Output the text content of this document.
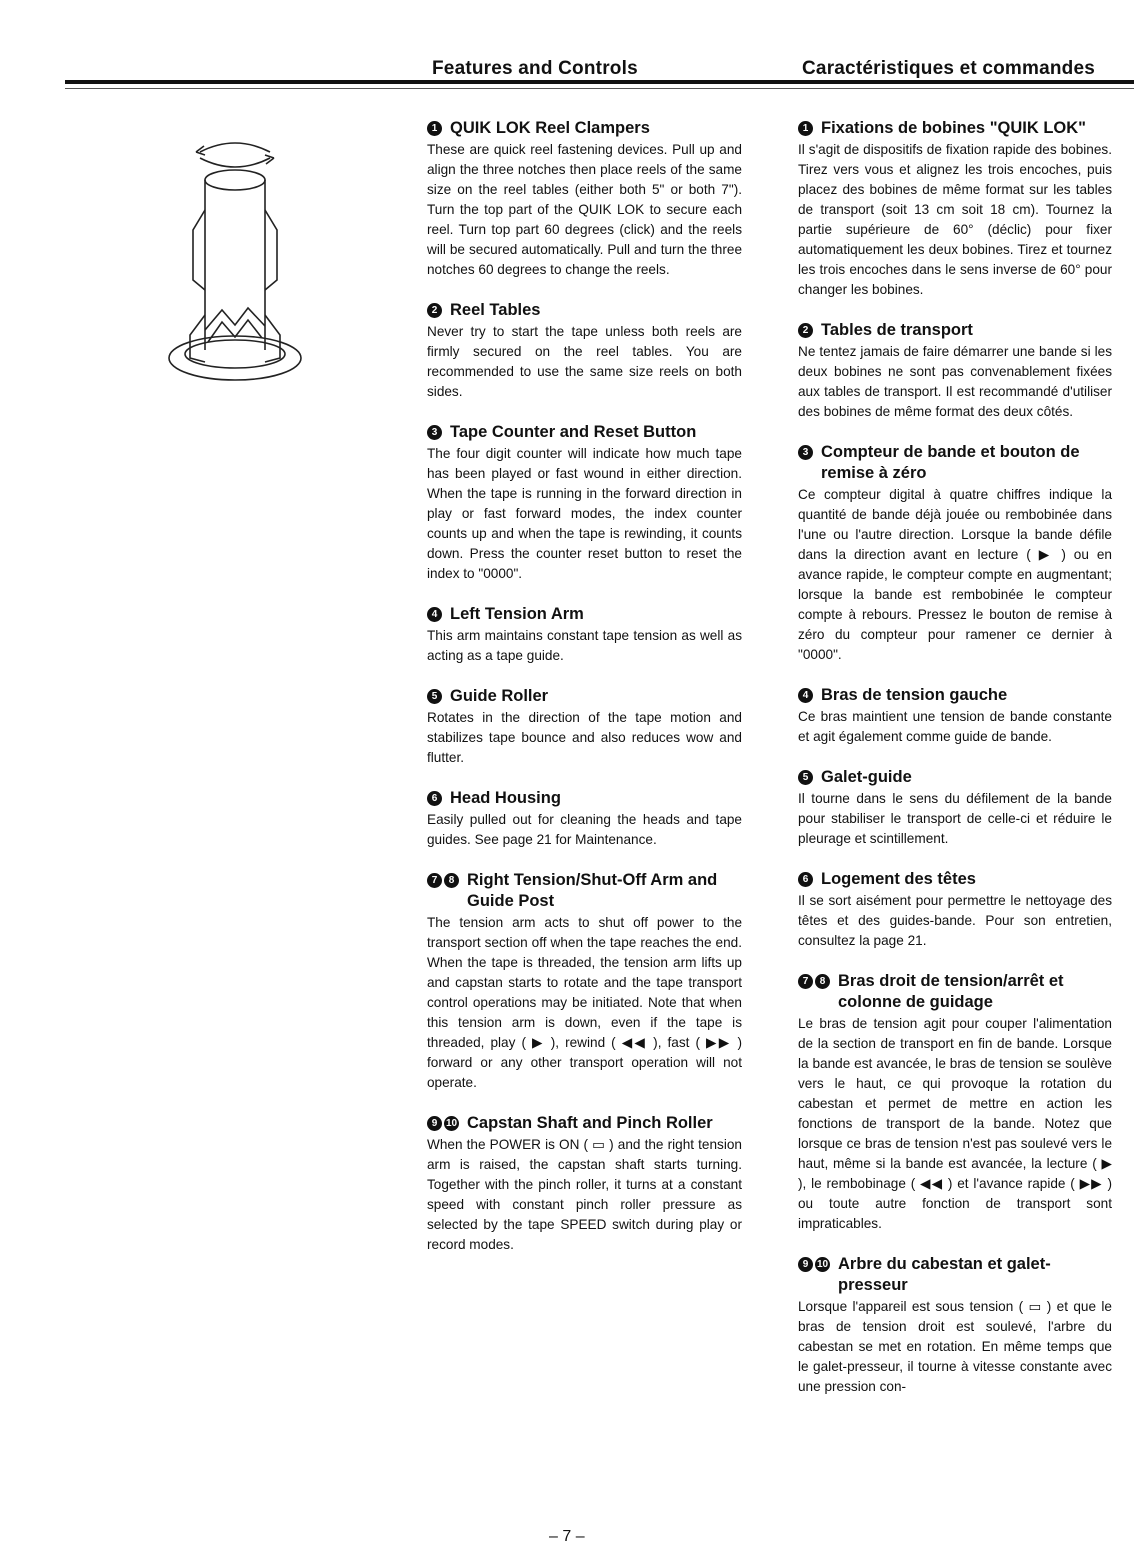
Features and Controls	Caractéristiques et commandes
1 QUIK LOK Reel Clampers

These are quick reel fastening devices. Pull up and align the three notches then place reels of the same size on the reel tables (either both 5" or both 7"). Turn the top part of the QUIK LOK to secure each reel. Turn top part 60 degrees (click) and the reels will be secured automatically. Pull and turn the three notches 60 degrees to change the reels.

2 Reel Tables

Never try to start the tape unless both reels are firmly secured on the reel tables. You are recommended to use the same size reels on both sides.

3 Tape Counter and Reset Button

The four digit counter will indicate how much tape has been played or fast wound in either direction. When the tape is running in the forward direction in play or fast forward modes, the index counter counts up and when the tape is rewinding, it counts down. Press the counter reset button to reset the index to "0000".

4 Left Tension Arm

This arm maintains constant tape tension as well as acting as a tape guide.

5 Guide Roller

Rotates in the direction of the tape motion and stabilizes tape bounce and also reduces wow and flutter.

6 Head Housing

Easily pulled out for cleaning the heads and tape guides. See page 21 for Maintenance.

7	8 Right Tension/Shut-Off Arm and Guide Post

The tension arm acts to shut off power to the transport section off when the tape reaches the end. When the tape is threaded, the tension arm lifts up and capstan starts to rotate and the tape transport control operations may be initiated. Note that when this tension arm is down, even if the tape is threaded, play ( ▶ ), rewind ( ◀◀ ), fast ( ▶▶ ) forward or any other transport operation will not operate.

9 10 Capstan Shaft and Pinch Roller

When the POWER is ON ( ▭ ) and the right tension arm is raised, the capstan shaft starts turning. Together with the pinch roller, it turns at a constant speed with constant pinch roller pressure as selected by the tape SPEED switch during play or record modes.

1 Fixations de bobines "QUIK LOK"

Il s'agit de dispositifs de fixation rapide des bobines. Tirez vers vous et alignez les trois encoches, puis placez des bobines de même format sur les tables de transport (soit 13 cm soit 18 cm). Tournez la partie supérieure de 60° (déclic) pour fixer automatiquement les deux bobines. Tirez et tournez les trois encoches dans le sens inverse de 60° pour changer les bobines.

2 Tables de transport

Ne tentez jamais de faire démarrer une bande si les deux bobines ne sont pas convenablement fixées aux tables de transport. Il est recommandé d'utiliser des bobines de même format des deux côtés.

3 Compteur de bande et bouton de remise à zéro

Ce compteur digital à quatre chiffres indique la quantité de bande déjà jouée ou rembobinée dans l'une ou l'autre direction. Lorsque la bande défile dans la direction avant en lecture ( ▶ ) ou en avance rapide, le compteur compte en augmentant; lorsque la bande est rembobinée le compteur compte à rebours. Pressez le bouton de remise à zéro du compteur pour ramener ce dernier à "0000".

4 Bras de tension gauche

Ce bras maintient une tension de bande constante et agit également comme guide de bande.

5 Galet-guide

Il tourne dans le sens du défilement de la bande pour stabiliser le transport de celle-ci et réduire le pleurage et scintillement.

6 Logement des têtes

Il se sort aisément pour permettre le nettoyage des têtes et des guides-bande. Pour son entretien, consultez la page 21.

7	8 Bras droit de tension/arrêt et colonne de guidage

Le bras de tension agit pour couper l'alimentation de la section de transport en fin de bande. Lorsque la bande est avancée, le bras de tension se soulève vers le haut, ce qui provoque la rotation du cabestan et permet de mettre en action les fonctions de transport de la bande. Notez que lorsque ce bras de tension n'est pas soulevé vers le haut, même si la bande est avancée, la lecture ( ▶ ), le rembobinage ( ◀◀ ) et l'avance rapide ( ▶▶ ) ou toute autre fonction de transport sont impraticables.

9 10 Arbre du cabestan et galet-presseur

Lorsque l'appareil est sous tension ( ▭ ) et que le bras de tension droit est soulevé, l'arbre du cabestan se met en rotation. En même temps que le galet-presseur, il tourne à vitesse constante avec une pression con-

– 7 –
